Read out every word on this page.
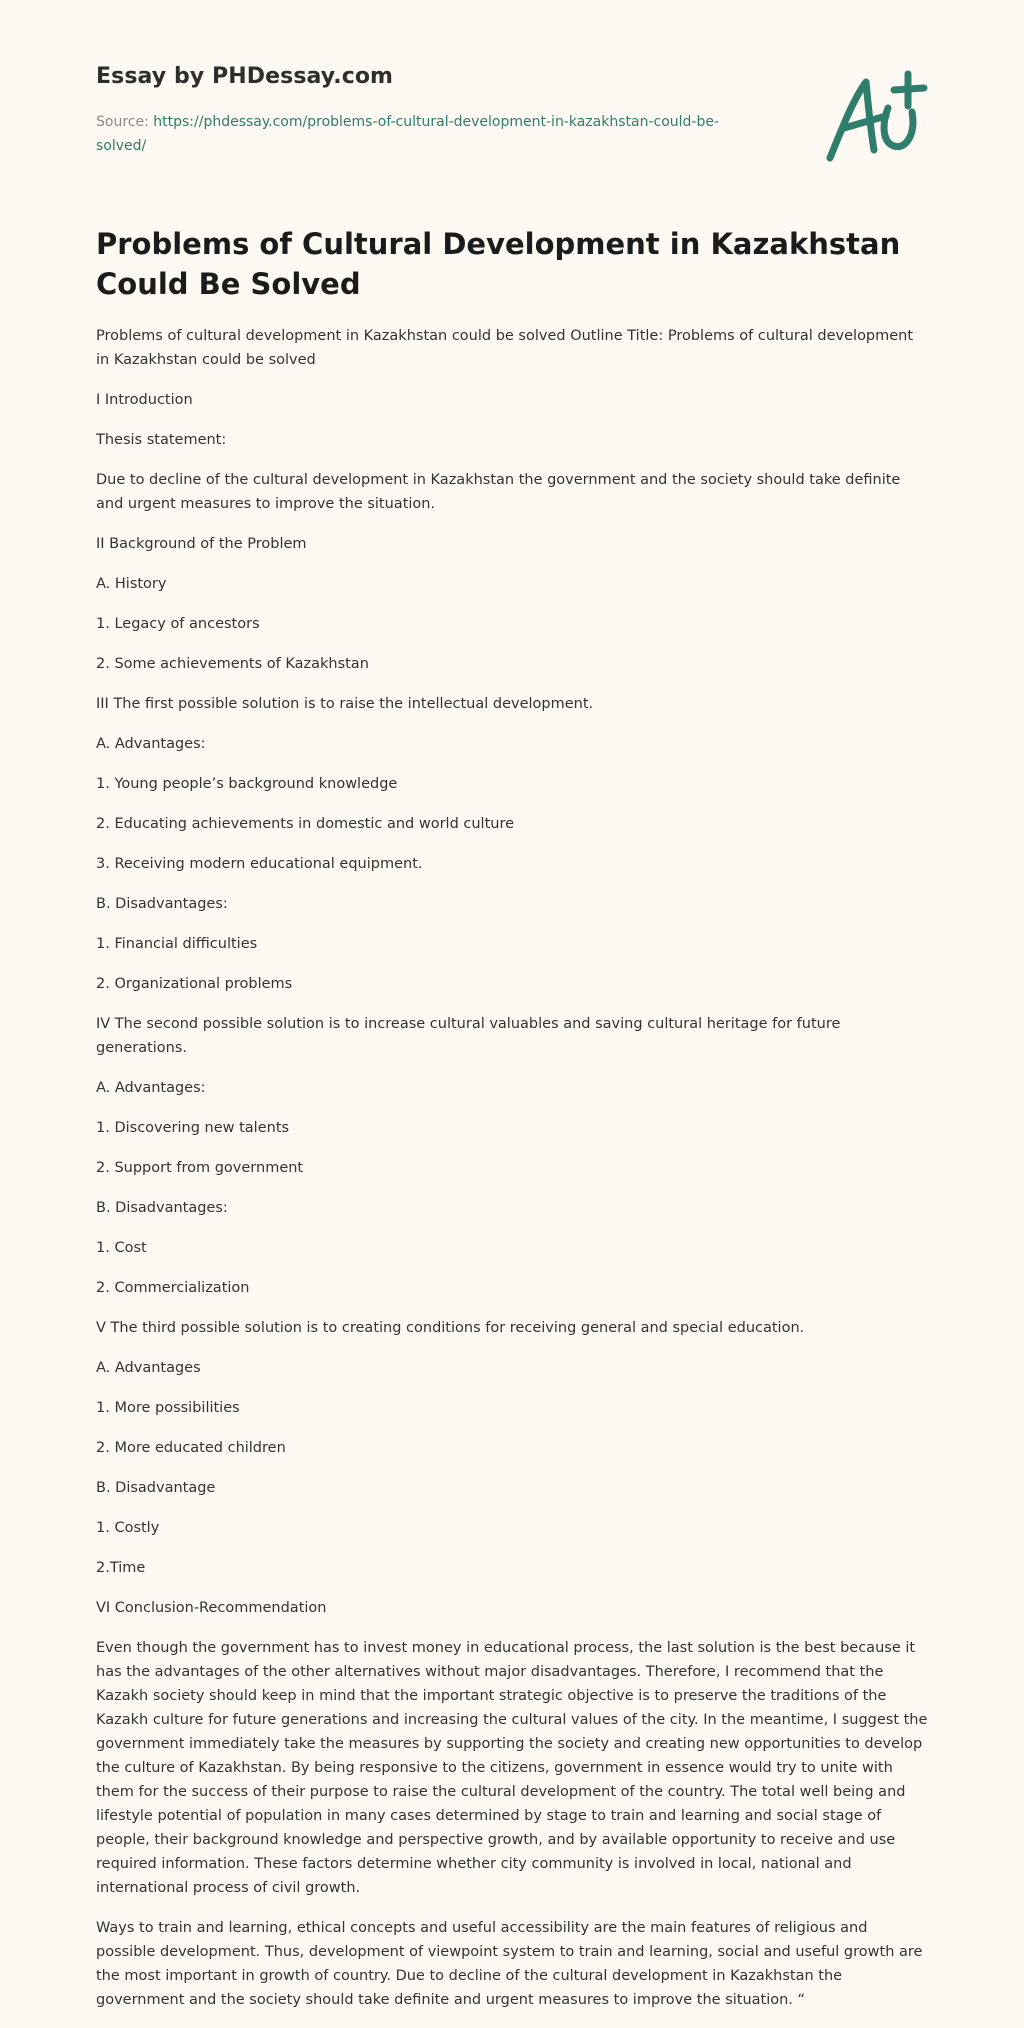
Essay by PHDessay.com
Source: https://phdessay.com/problems-of-cultural-development-in-kazakhstan-could-be-solved/
Problems of Cultural Development in Kazakhstan Could Be Solved

Problems of cultural development in Kazakhstan could be solved Outline Title: Problems of cultural development in Kazakhstan could be solved

I Introduction

Thesis statement:

Due to decline of the cultural development in Kazakhstan the government and the society should take definite and urgent measures to improve the situation.

II Background of the Problem

A. History

1. Legacy of ancestors

2. Some achievements of Kazakhstan

III The first possible solution is to raise the intellectual development.

A. Advantages:

1. Young people’s background knowledge

2. Educating achievements in domestic and world culture

3. Receiving modern educational equipment.

B. Disadvantages:

1. Financial difficulties

2. Organizational problems

IV The second possible solution is to increase cultural valuables and saving cultural heritage for future generations.

A. Advantages:

1. Discovering new talents

2. Support from government

B. Disadvantages:

1. Cost

2. Commercialization

V The third possible solution is to creating conditions for receiving general and special education.

A. Advantages

1. More possibilities

2. More educated children

B. Disadvantage

1. Costly

2.Time

VI Conclusion-Recommendation

Even though the government has to invest money in educational process, the last solution is the best because it has the advantages of the other alternatives without major disadvantages. Therefore, I recommend that the Kazakh society should keep in mind that the important strategic objective is to preserve the traditions of the Kazakh culture for future generations and increasing the cultural values of the city. In the meantime, I suggest the government immediately take the measures by supporting the society and creating new opportunities to develop the culture of Kazakhstan. By being responsive to the citizens, government in essence would try to unite with them for the success of their purpose to raise the cultural development of the country. The total well being and lifestyle potential of population in many cases determined by stage to train and learning and social stage of people, their background knowledge and perspective growth, and by available opportunity to receive and use required information. These factors determine whether city community is involved in local, national and international process of civil growth.

Ways to train and learning, ethical concepts and useful accessibility are the main features of religious and possible development. Thus, development of viewpoint system to train and learning, social and useful growth are the most important in growth of country. Due to decline of the cultural development in Kazakhstan the government and the society should take definite and urgent measures to improve the situation. “
